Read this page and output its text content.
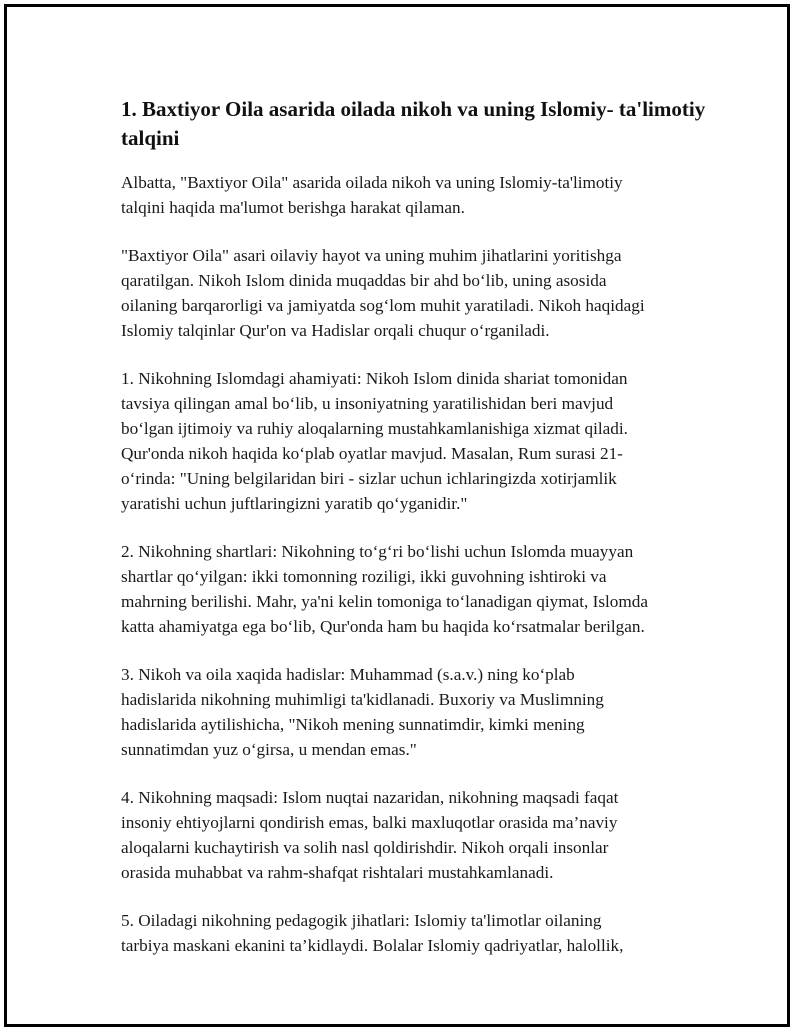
1. Baxtiyor Oila asarida oilada nikoh va uning Islomiy- ta'limotiy talqini

Albatta, "Baxtiyor Oila" asarida oilada nikoh va uning Islomiy-ta'limotiy
talqini haqida ma'lumot berishga harakat qilaman.

"Baxtiyor Oila" asari oilaviy hayot va uning muhim jihatlarini yoritishga
qaratilgan. Nikoh Islom dinida muqaddas bir ahd bo‘lib, uning asosida
oilaning barqarorligi va jamiyatda sog‘lom muhit yaratiladi. Nikoh haqidagi
Islomiy talqinlar Qur'on va Hadislar orqali chuqur o‘rganiladi.

1. Nikohning Islomdagi ahamiyati: Nikoh Islom dinida shariat tomonidan
tavsiya qilingan amal bo‘lib, u insoniyatning yaratilishidan beri mavjud
bo‘lgan ijtimoiy va ruhiy aloqalarning mustahkamlanishiga xizmat qiladi.
Qur'onda nikoh haqida ko‘plab oyatlar mavjud. Masalan, Rum surasi 21-
o‘rinda: "Uning belgilaridan biri - sizlar uchun ichlaringizda xotirjamlik
yaratishi uchun juftlaringizni yaratib qo‘yganidir."

2. Nikohning shartlari: Nikohning to‘g‘ri bo‘lishi uchun Islomda muayyan
shartlar qo‘yilgan: ikki tomonning roziligi, ikki guvohning ishtiroki va
mahrning berilishi. Mahr, ya'ni kelin tomoniga to‘lanadigan qiymat, Islomda
katta ahamiyatga ega bo‘lib, Qur'onda ham bu haqida ko‘rsatmalar berilgan.

3. Nikoh va oila xaqida hadislar: Muhammad (s.a.v.) ning ko‘plab
hadislarida nikohning muhimligi ta'kidlanadi. Buxoriy va Muslimning
hadislarida aytilishicha, "Nikoh mening sunnatimdir, kimki mening
sunnatimdan yuz o‘girsa, u mendan emas."

4. Nikohning maqsadi: Islom nuqtai nazaridan, nikohning maqsadi faqat
insoniy ehtiyojlarni qondirish emas, balki maxluqotlar orasida ma’naviy
aloqalarni kuchaytirish va solih nasl qoldirishdir. Nikoh orqali insonlar
orasida muhabbat va rahm-shafqat rishtalari mustahkamlanadi.

5. Oiladagi nikohning pedagogik jihatlari: Islomiy ta'limotlar oilaning
tarbiya maskani ekanini ta’kidlaydi. Bolalar Islomiy qadriyatlar, halollik,
